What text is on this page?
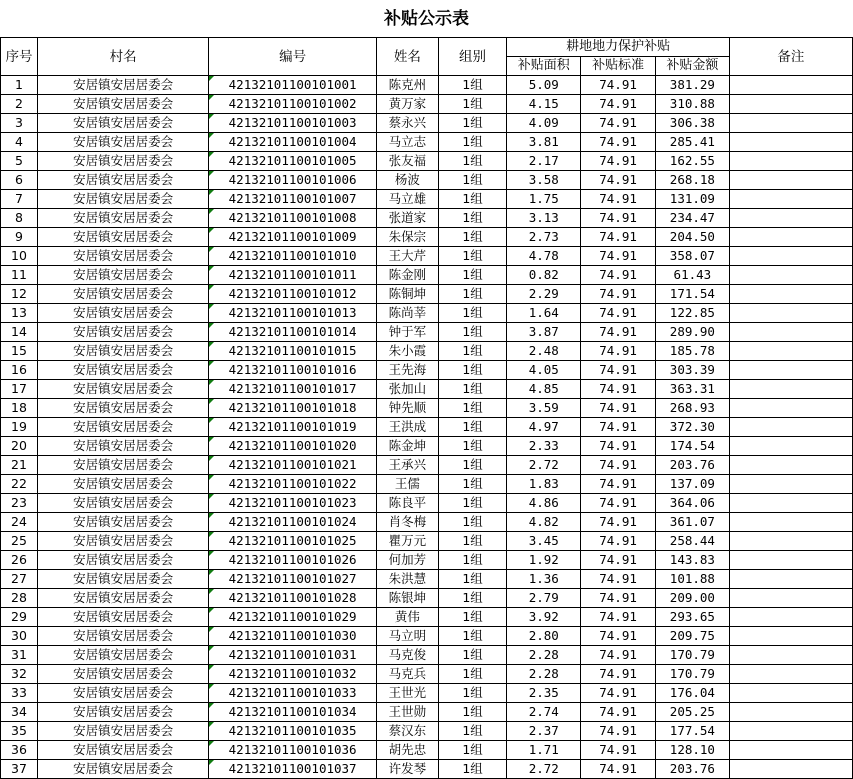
补贴公示表
序号	村名	编号	姓名	组别	耕地地力保护补贴			备注
					补贴面积	补贴标准	补贴金额	
1	安居镇安居居委会	42132101100101001	陈克州	1组	5.09	74.91	381.29	
2	安居镇安居居委会	42132101100101002	黄万家	1组	4.15	74.91	310.88	
3	安居镇安居居委会	42132101100101003	蔡永兴	1组	4.09	74.91	306.38	
4	安居镇安居居委会	42132101100101004	马立志	1组	3.81	74.91	285.41	
5	安居镇安居居委会	42132101100101005	张友福	1组	2.17	74.91	162.55	
6	安居镇安居居委会	42132101100101006	杨波	1组	3.58	74.91	268.18	
7	安居镇安居居委会	42132101100101007	马立雄	1组	1.75	74.91	131.09	
8	安居镇安居居委会	42132101100101008	张道家	1组	3.13	74.91	234.47	
9	安居镇安居居委会	42132101100101009	朱保宗	1组	2.73	74.91	204.50	
10	安居镇安居居委会	42132101100101010	王大芹	1组	4.78	74.91	358.07	
11	安居镇安居居委会	42132101100101011	陈金刚	1组	0.82	74.91	61.43	
12	安居镇安居居委会	42132101100101012	陈铜坤	1组	2.29	74.91	171.54	
13	安居镇安居居委会	42132101100101013	陈尚莘	1组	1.64	74.91	122.85	
14	安居镇安居居委会	42132101100101014	钟于军	1组	3.87	74.91	289.90	
15	安居镇安居居委会	42132101100101015	朱小霞	1组	2.48	74.91	185.78	
16	安居镇安居居委会	42132101100101016	王先海	1组	4.05	74.91	303.39	
17	安居镇安居居委会	42132101100101017	张加山	1组	4.85	74.91	363.31	
18	安居镇安居居委会	42132101100101018	钟先顺	1组	3.59	74.91	268.93	
19	安居镇安居居委会	42132101100101019	王洪成	1组	4.97	74.91	372.30	
20	安居镇安居居委会	42132101100101020	陈金坤	1组	2.33	74.91	174.54	
21	安居镇安居居委会	42132101100101021	王承兴	1组	2.72	74.91	203.76	
22	安居镇安居居委会	42132101100101022	王儒	1组	1.83	74.91	137.09	
23	安居镇安居居委会	42132101100101023	陈良平	1组	4.86	74.91	364.06	
24	安居镇安居居委会	42132101100101024	肖冬梅	1组	4.82	74.91	361.07	
25	安居镇安居居委会	42132101100101025	瞿万元	1组	3.45	74.91	258.44	
26	安居镇安居居委会	42132101100101026	何加芳	1组	1.92	74.91	143.83	
27	安居镇安居居委会	42132101100101027	朱洪慧	1组	1.36	74.91	101.88	
28	安居镇安居居委会	42132101100101028	陈银坤	1组	2.79	74.91	209.00	
29	安居镇安居居委会	42132101100101029	黄伟	1组	3.92	74.91	293.65	
30	安居镇安居居委会	42132101100101030	马立明	1组	2.80	74.91	209.75	
31	安居镇安居居委会	42132101100101031	马克俊	1组	2.28	74.91	170.79	
32	安居镇安居居委会	42132101100101032	马克兵	1组	2.28	74.91	170.79	
33	安居镇安居居委会	42132101100101033	王世光	1组	2.35	74.91	176.04	
34	安居镇安居居委会	42132101100101034	王世勋	1组	2.74	74.91	205.25	
35	安居镇安居居委会	42132101100101035	蔡汉东	1组	2.37	74.91	177.54	
36	安居镇安居居委会	42132101100101036	胡先忠	1组	1.71	74.91	128.10	
37	安居镇安居居委会	42132101100101037	许发琴	1组	2.72	74.91	203.76	
